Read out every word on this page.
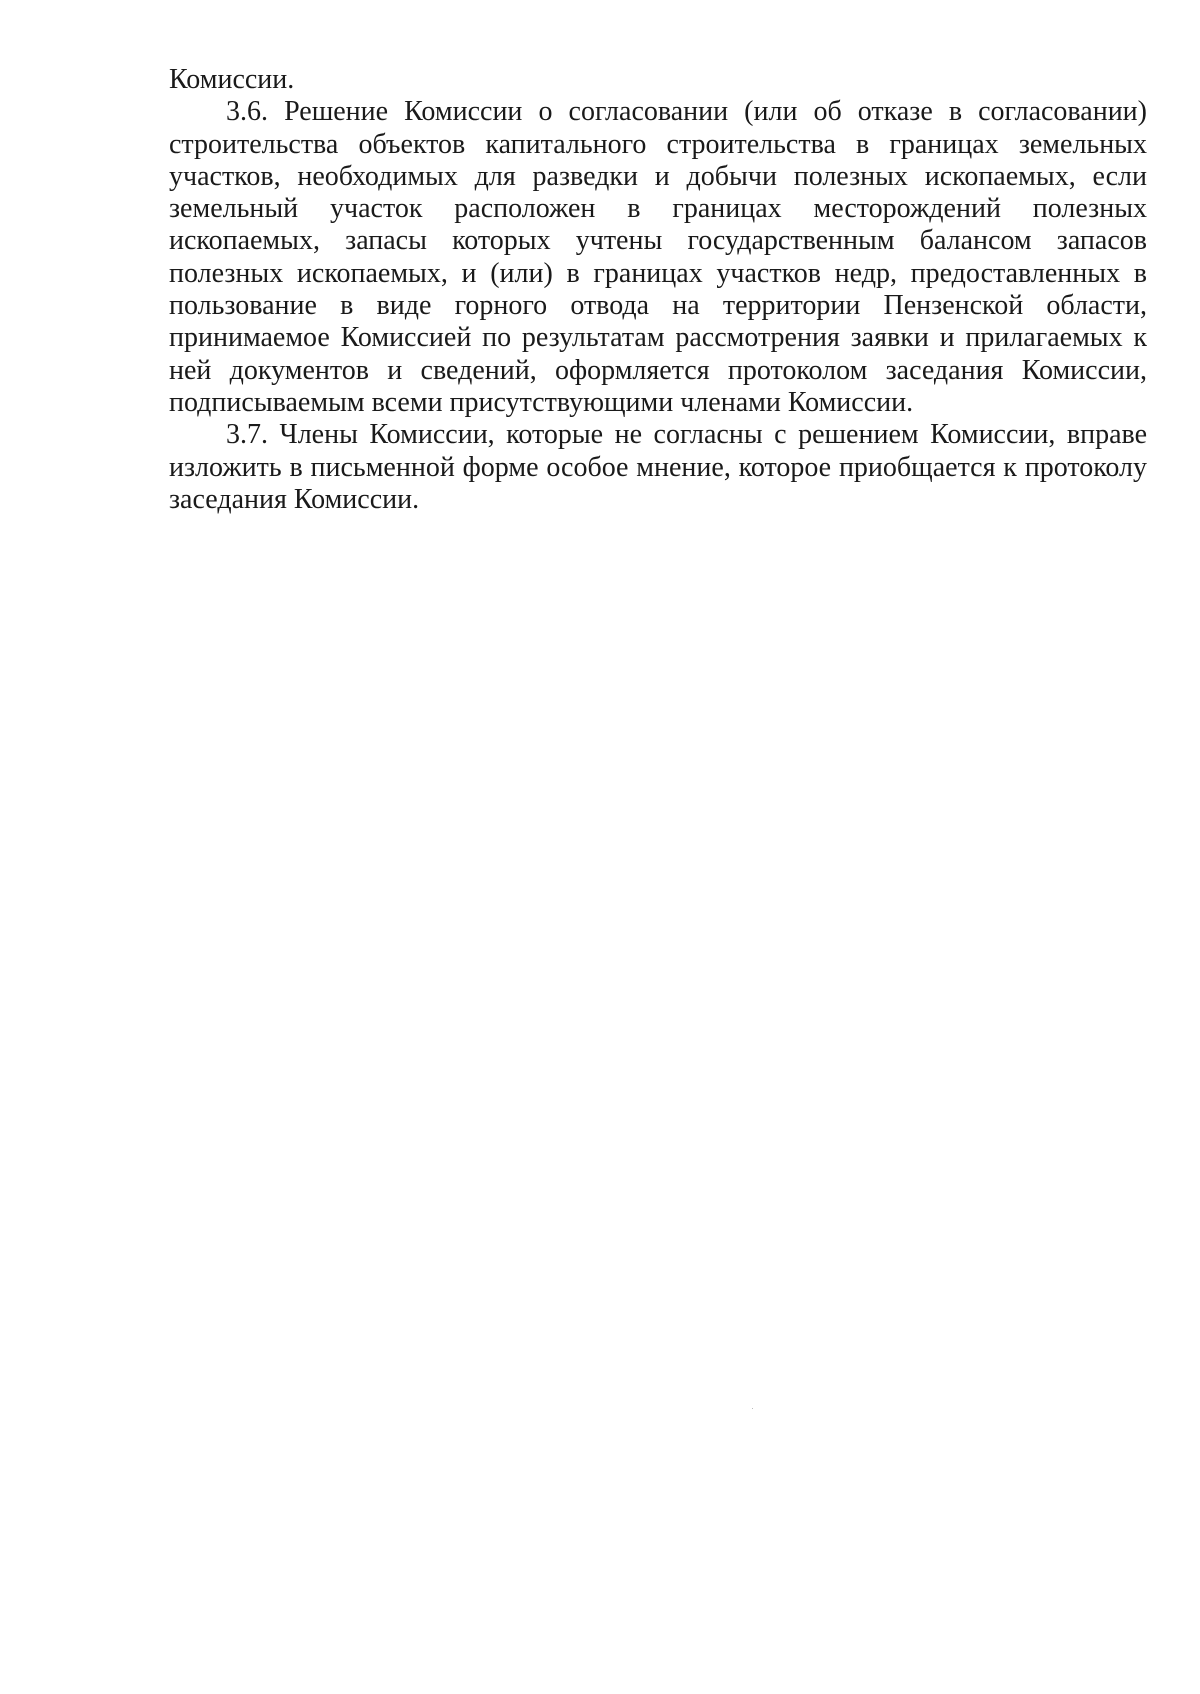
Комиссии.

3.6. Решение Комиссии о согласовании (или об отказе в согласовании) строительства объектов капитального строительства в границах земельных участков, необходимых для разведки и добычи полезных ископаемых, если земельный участок расположен в границах месторождений полезных ископаемых, запасы которых учтены государственным балансом запасов полезных ископаемых, и (или) в границах участков недр, предоставленных в пользование в виде горного отвода на территории Пензенской области, принимаемое Комиссией по результатам рассмотрения заявки и прилагаемых к ней документов и сведений, оформляется протоколом заседания Комиссии, подписываемым всеми присутствующими членами Комиссии.

3.7. Члены Комиссии, которые не согласны с решением Комиссии, вправе изложить в письменной форме особое мнение, которое приобщается к протоколу заседания Комиссии.
